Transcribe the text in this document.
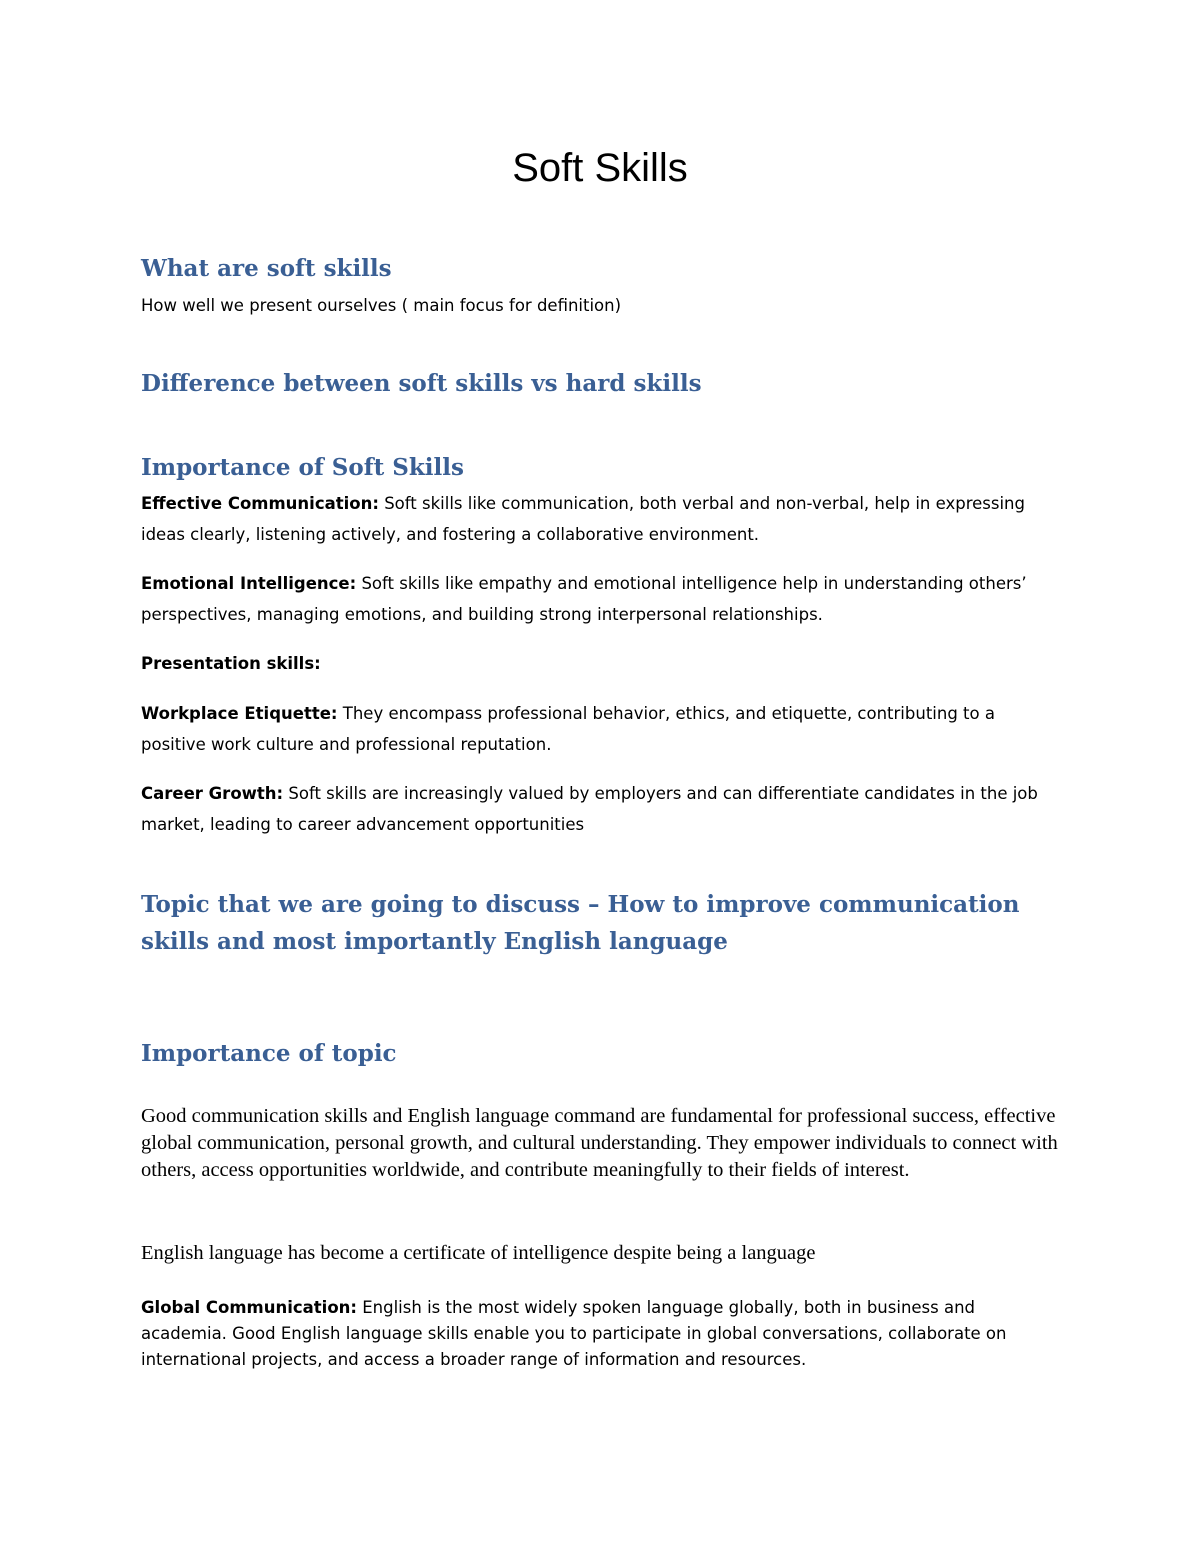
Soft Skills
What are soft skills

How well we present ourselves ( main focus for definition)

Difference between soft skills vs hard skills
Importance of Soft Skills

Effective Communication: Soft skills like communication, both verbal and non-verbal, help in expressing ideas clearly, listening actively, and fostering a collaborative environment.

Emotional Intelligence: Soft skills like empathy and emotional intelligence help in understanding others’ perspectives, managing emotions, and building strong interpersonal relationships.

Presentation skills:

Workplace Etiquette: They encompass professional behavior, ethics, and etiquette, contributing to a positive work culture and professional reputation.

Career Growth: Soft skills are increasingly valued by employers and can differentiate candidates in the job market, leading to career advancement opportunities

Topic that we are going to discuss – How to improve communication skills and most importantly English language
Importance of topic

Good communication skills and English language command are fundamental for professional success, effective global communication, personal growth, and cultural understanding. They empower individuals to connect with others, access opportunities worldwide, and contribute meaningfully to their fields of interest.

English language has become a certificate of intelligence despite being a language

Global Communication: English is the most widely spoken language globally, both in business and academia. Good English language skills enable you to participate in global conversations, collaborate on international projects, and access a broader range of information and resources.
